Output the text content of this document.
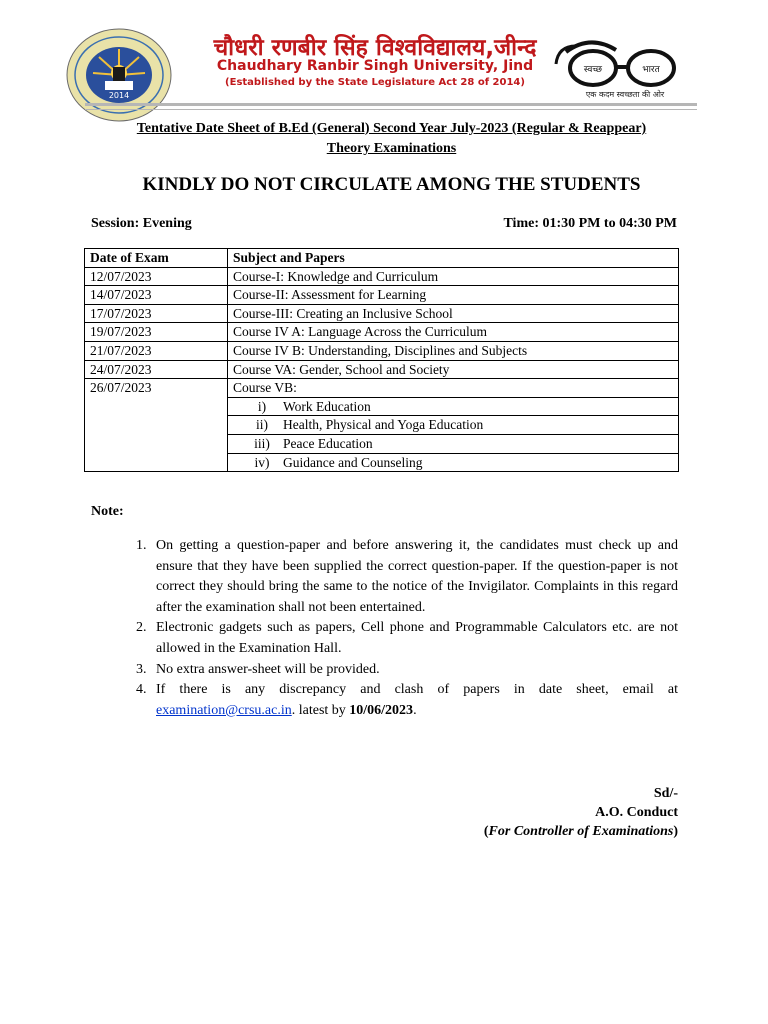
2014
चौधरी रणबीर सिंह विश्वविद्यालय,जीन्द
Chaudhary Ranbir Singh University, Jind
(Established by the State Legislature Act 28 of 2014)
स्वच्छ	भारत
एक कदम स्वच्छता की ओर
Tentative Date Sheet of B.Ed (General) Second Year July-2023 (Regular & Reappear)
Theory Examinations
KINDLY DO NOT CIRCULATE AMONG THE STUDENTS
Session: Evening	Time: 01:30 PM to 04:30 PM
Date of Exam	Subject and Papers
12/07/2023	Course-I: Knowledge and Curriculum
14/07/2023	Course-II: Assessment for Learning
17/07/2023	Course-III: Creating an Inclusive School
19/07/2023	Course IV A: Language Across the Curriculum
21/07/2023	Course IV B: Understanding, Disciplines and Subjects
24/07/2023	Course VA: Gender, School and Society
26/07/2023	Course VB:
	i) Work Education
	ii) Health, Physical and Yoga Education
	iii) Peace Education
	iv) Guidance and Counseling
Note:
1. On getting a question-paper and before answering it, the candidates must check up and ensure that they have been supplied the correct question-paper. If the question-paper is not correct they should bring the same to the notice of the Invigilator. Complaints in this regard after the examination shall not been entertained.
2. Electronic gadgets such as papers, Cell phone and Programmable Calculators etc. are not allowed in the Examination Hall.
3. No extra answer-sheet will be provided.
4. If there is any discrepancy and clash of papers in date sheet, email at examination@crsu.ac.in. latest by 10/06/2023.
Sd/-
A.O. Conduct
(For Controller of Examinations)
